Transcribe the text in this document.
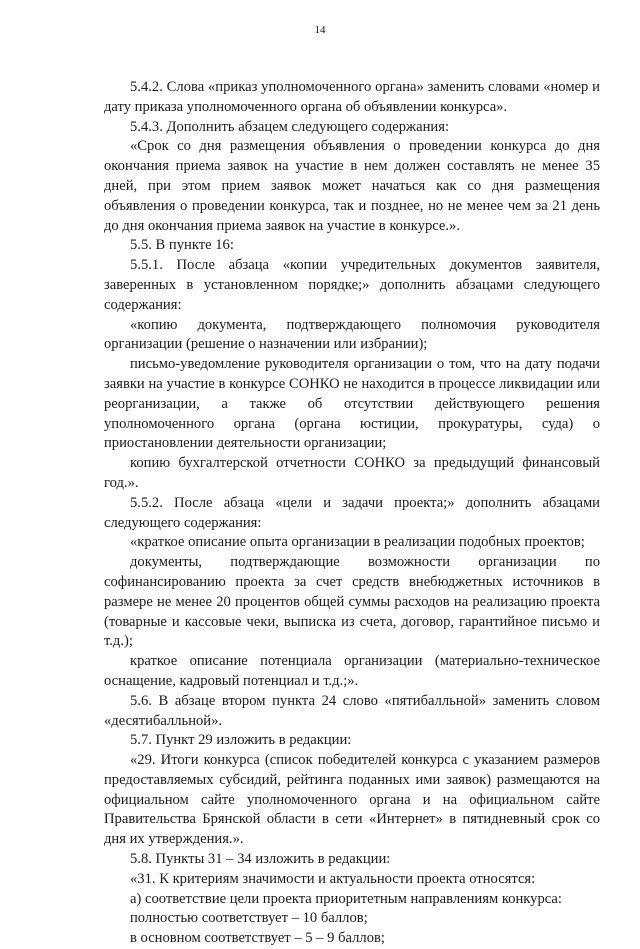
14

5.4.2. Слова «приказ уполномоченного органа» заменить словами «номер и дату приказа уполномоченного органа об объявлении конкурса».

5.4.3. Дополнить абзацем следующего содержания:

«Срок со дня размещения объявления о проведении конкурса до дня окончания приема заявок на участие в нем должен составлять не менее 35 дней, при этом прием заявок может начаться как со дня размещения объявления о проведении конкурса, так и позднее, но не менее чем за 21 день до дня окончания приема заявок на участие в конкурсе.».

5.5. В пункте 16:

5.5.1. После абзаца «копии учредительных документов заявителя, заверенных в установленном порядке;» дополнить абзацами следующего содержания:

«копию документа, подтверждающего полномочия руководителя организации (решение о назначении или избрании);

письмо-уведомление руководителя организации о том, что на дату подачи заявки на участие в конкурсе СОНКО не находится в процессе ликвидации или реорганизации, а также об отсутствии действующего решения уполномоченного органа (органа юстиции, прокуратуры, суда) о приостановлении деятельности организации;

копию бухгалтерской отчетности СОНКО за предыдущий финансовый год.».

5.5.2. После абзаца «цели и задачи проекта;» дополнить абзацами следующего содержания:

«краткое описание опыта организации в реализации подобных проектов;

документы, подтверждающие возможности организации по софинансированию проекта за счет средств внебюджетных источников в размере не менее 20 процентов общей суммы расходов на реализацию проекта (товарные и кассовые чеки, выписка из счета, договор, гарантийное письмо и т.д.);

краткое описание потенциала организации (материально-техническое оснащение, кадровый потенциал и т.д.;».

5.6. В абзаце втором пункта 24 слово «пятибалльной» заменить словом «десятибалльной».

5.7. Пункт 29 изложить в редакции:

«29. Итоги конкурса (список победителей конкурса с указанием размеров предоставляемых субсидий, рейтинга поданных ими заявок) размещаются на официальном сайте уполномоченного органа и на официальном сайте Правительства Брянской области в сети «Интернет» в пятидневный срок со дня их утверждения.».

5.8. Пункты 31 – 34 изложить в редакции:

«31. К критериям значимости и актуальности проекта относятся:

а) соответствие цели проекта приоритетным направлениям конкурса:

полностью соответствует – 10 баллов;

в основном соответствует – 5 – 9 баллов;
